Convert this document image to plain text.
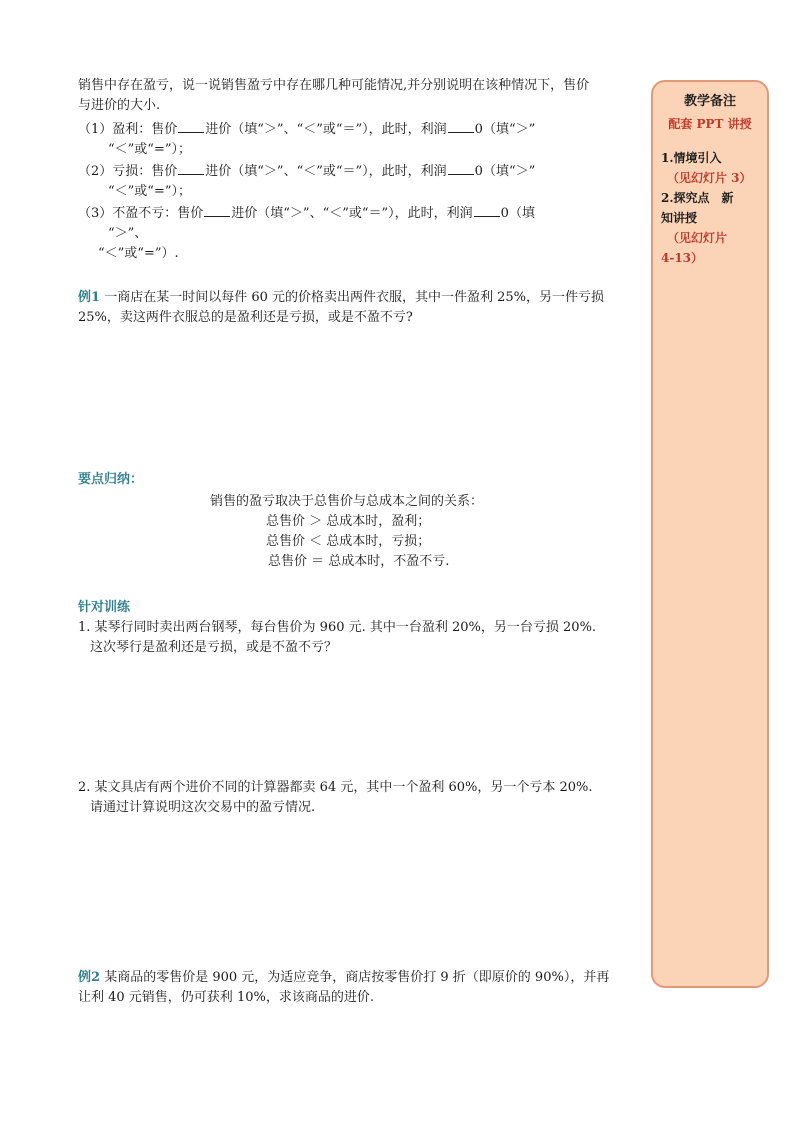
销售中存在盈亏，说一说销售盈亏中存在哪几种可能情况,并分别说明在该种情况下，售价

与进价的大小.

（1）盈利：售价 进价（填“＞”、“＜”或“＝”），此时，利润 0（填“＞”

“＜”或“=”）；

（2）亏损：售价 进价（填“＞”、“＜”或“＝”），此时，利润 0（填“＞”

“＜”或“=”）；

（3）不盈不亏：售价 进价（填“＞”、“＜”或“＝”），此时，利润 0（填

“＞”、

“＜”或“=”）.

例1 一商店在某一时间以每件 60 元的价格卖出两件衣服，其中一件盈利 25%，另一件亏损

25%，卖这两件衣服总的是盈利还是亏损，或是不盈不亏?

要点归纳：

销售的盈亏取决于总售价与总成本之间的关系：

总售价 ＞ 总成本时，盈利；

总售价 ＜ 总成本时，亏损；

总售价 ＝ 总成本时，不盈不亏.

针对训练

1. 某琴行同时卖出两台钢琴，每台售价为 960 元. 其中一台盈利 20%，另一台亏损 20%.

这次琴行是盈利还是亏损，或是不盈不亏？

2. 某文具店有两个进价不同的计算器都卖 64 元，其中一个盈利 60%，另一个亏本 20%.

请通过计算说明这次交易中的盈亏情况.

例2 某商品的零售价是 900 元，为适应竞争，商店按零售价打 9 折（即原价的 90%），并再

让利 40 元销售，仍可获利 10%，求该商品的进价.

教学备注

配套 PPT 讲授

1.情境引入

（见幻灯片 3）

2.探究点　新

知讲授

（见幻灯片

4-13）
